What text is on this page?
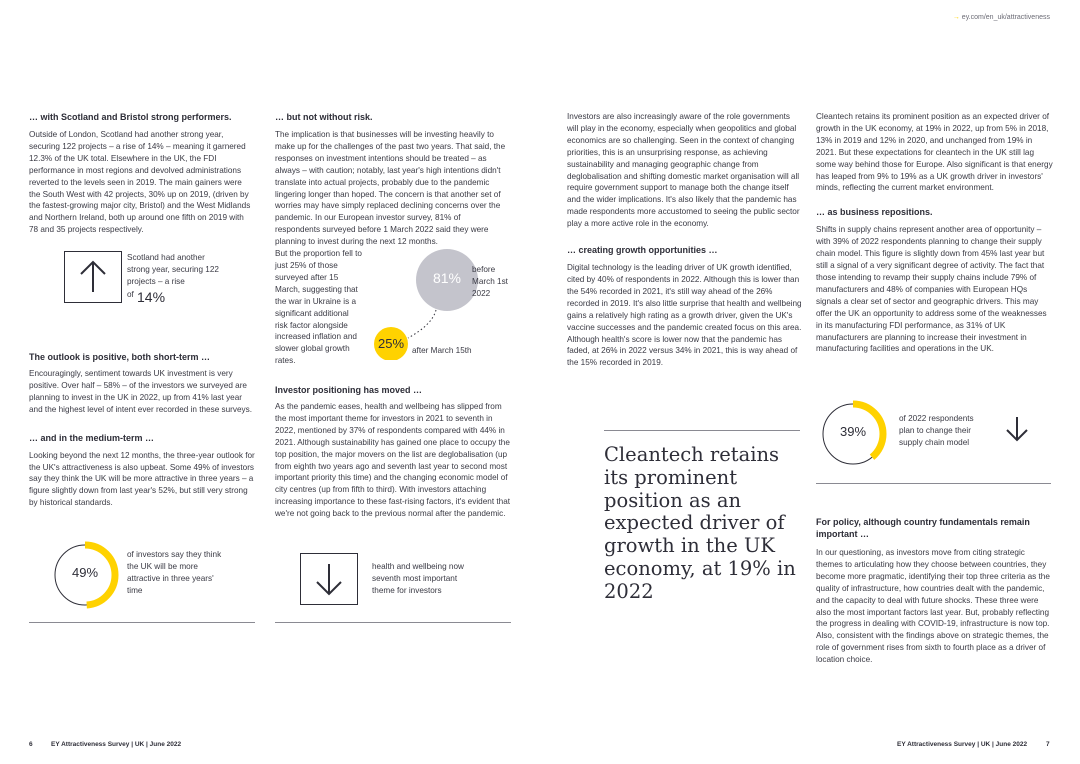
→ ey.com/en_uk/attractiveness

… with Scotland and Bristol strong performers.

Outside of London, Scotland had another strong year, securing 122 projects – a rise of 14% – meaning it garnered 12.3% of the UK total. Elsewhere in the UK, the FDI performance in most regions and devolved administrations reverted to the levels seen in 2019. The main gainers were the South West with 42 projects, 30% up on 2019, (driven by the fastest-growing major city, Bristol) and the West Midlands and Northern Ireland, both up around one fifth on 2019 with 78 and 35 projects respectively.

Scotland had another strong year, securing 122 projects – a rise
of 14%

The outlook is positive, both short-term …

Encouragingly, sentiment towards UK investment is very positive. Over half – 58% – of the investors we surveyed are planning to invest in the UK in 2022, up from 41% last year and the highest level of intent ever recorded in these surveys.

… and in the medium-term …

Looking beyond the next 12 months, the three-year outlook for the UK's attractiveness is also upbeat. Some 49% of investors say they think the UK will be more attractive in three years – a figure slightly down from last year's 52%, but still very strong by historical standards.

49%
of investors say they think the UK will be more attractive in three years' time

… but not without risk.

The implication is that businesses will be investing heavily to make up for the challenges of the past two years. That said, the responses on investment intentions should be treated – as always – with caution; notably, last year's high intentions didn't translate into actual projects, probably due to the pandemic lingering longer than hoped. The concern is that another set of worries may have simply replaced declining concerns over the pandemic. In our European investor survey, 81% of respondents surveyed before 1 March 2022 said they were planning to invest during the next 12 months.

But the proportion fell to just 25% of those surveyed after 15 March, suggesting that the war in Ukraine is a significant additional risk factor alongside increased inflation and slower global growth rates.

81%
before March 1st 2022
25% after March 15th

Investor positioning has moved …

As the pandemic eases, health and wellbeing has slipped from the most important theme for investors in 2021 to seventh in 2022, mentioned by 37% of respondents compared with 44% in 2021. Although sustainability has gained one place to occupy the top position, the major movers on the list are deglobalisation (up from eighth two years ago and seventh last year to second most important priority this time) and the changing economic model of city centres (up from fifth to third). With investors attaching increasing importance to these fast-rising factors, it's evident that we're not going back to the previous normal after the pandemic.

health and wellbeing now seventh most important theme for investors

Investors are also increasingly aware of the role governments will play in the economy, especially when geopolitics and global economics are so challenging. Seen in the context of changing priorities, this is an unsurprising response, as achieving sustainability and managing geographic change from deglobalisation and shifting domestic market organisation will all require government support to manage both the change itself and the wider implications. It's also likely that the pandemic has made respondents more accustomed to seeing the public sector play a more active role in the economy.

… creating growth opportunities …

Digital technology is the leading driver of UK growth identified, cited by 40% of respondents in 2022. Although this is lower than the 54% recorded in 2021, it's still way ahead of the 26% recorded in 2019. It's also little surprise that health and wellbeing gains a relatively high rating as a growth driver, given the UK's vaccine successes and the pandemic created focus on this area. Although health's score is lower now that the pandemic has faded, at 26% in 2022 versus 34% in 2021, this is way ahead of the 15% recorded in 2019.

Cleantech retains its prominent position as an expected driver of growth in the UK economy, at 19% in 2022

Cleantech retains its prominent position as an expected driver of growth in the UK economy, at 19% in 2022, up from 5% in 2018, 13% in 2019 and 12% in 2020, and unchanged from 19% in 2021. But these expectations for cleantech in the UK still lag some way behind those for Europe. Also significant is that energy has leaped from 9% to 19% as a UK growth driver in investors' minds, reflecting the current market environment.

… as business repositions.

Shifts in supply chains represent another area of opportunity – with 39% of 2022 respondents planning to change their supply chain model. This figure is slightly down from 45% last year but still a signal of a very significant degree of activity. The fact that those intending to revamp their supply chains include 79% of manufacturers and 48% of companies with European HQs signals a clear set of sector and geographic drivers. This may offer the UK an opportunity to address some of the weaknesses in its manufacturing FDI performance, as 31% of UK manufacturers are planning to increase their investment in manufacturing facilities and operations in the UK.

39%
of 2022 respondents plan to change their supply chain model

For policy, although country fundamentals remain important …

In our questioning, as investors move from citing strategic themes to articulating how they choose between countries, they become more pragmatic, identifying their top three criteria as the quality of infrastructure, how countries dealt with the pandemic, and the capacity to deal with future shocks. These three were also the most important factors last year. But, probably reflecting the progress in dealing with COVID-19, infrastructure is now top. Also, consistent with the findings above on strategic themes, the role of government rises from sixth to fourth place as a driver of location choice.

6	EY Attractiveness Survey | UK | June 2022	EY Attractiveness Survey | UK | June 2022	7
